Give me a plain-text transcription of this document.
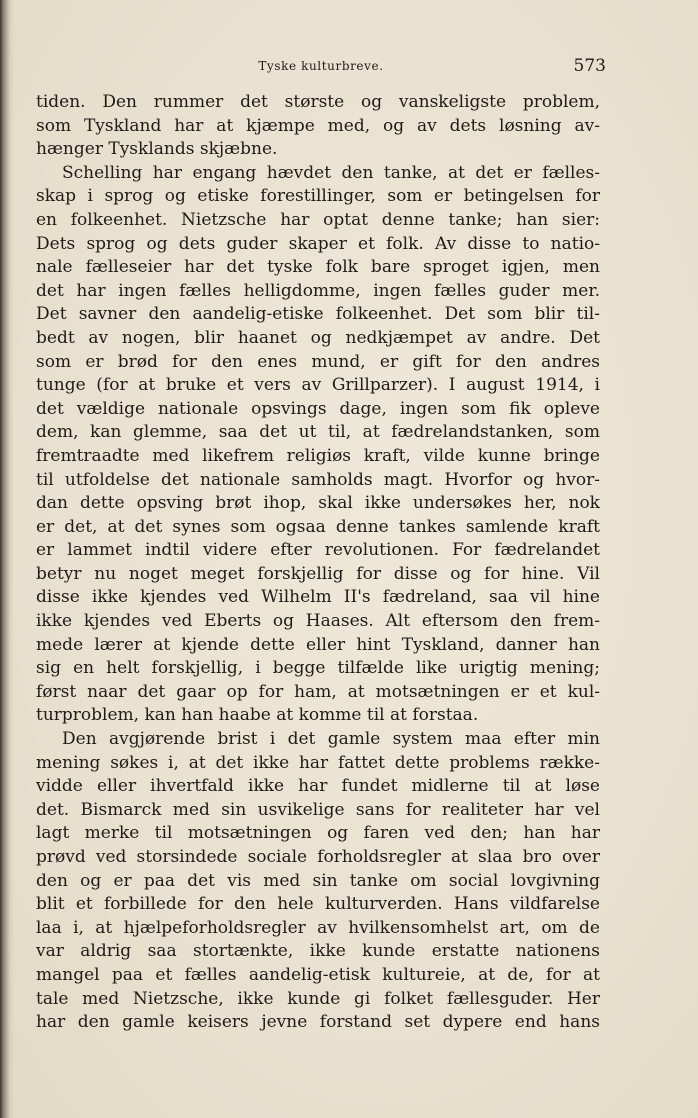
Tyske kulturbreve.	573
tiden. Den rummer det største og vanskeligste problem,
som Tyskland har at kjæmpe med, og av dets løsning av-
hænger Tysklands skjæbne.
Schelling har engang hævdet den tanke, at det er fælles-
skap i sprog og etiske forestillinger, som er betingelsen for
en folkeenhet. Nietzsche har optat denne tanke; han sier:
Dets sprog og dets guder skaper et folk. Av disse to natio-
nale fælleseier har det tyske folk bare sproget igjen, men
det har ingen fælles helligdomme, ingen fælles guder mer.
Det savner den aandelig-etiske folkeenhet. Det som blir til-
bedt av nogen, blir haanet og nedkjæmpet av andre. Det
som er brød for den enes mund, er gift for den andres
tunge (for at bruke et vers av Grillparzer). I august 1914, i
det vældige nationale opsvings dage, ingen som fik opleve
dem, kan glemme, saa det ut til, at fædrelandstanken, som
fremtraadte med likefrem religiøs kraft, vilde kunne bringe
til utfoldelse det nationale samholds magt. Hvorfor og hvor-
dan dette opsving brøt ihop, skal ikke undersøkes her, nok
er det, at det synes som ogsaa denne tankes samlende kraft
er lammet indtil videre efter revolutionen. For fædrelandet
betyr nu noget meget forskjellig for disse og for hine. Vil
disse ikke kjendes ved Wilhelm II's fædreland, saa vil hine
ikke kjendes ved Eberts og Haases. Alt eftersom den frem-
mede lærer at kjende dette eller hint Tyskland, danner han
sig en helt forskjellig, i begge tilfælde like urigtig mening;
først naar det gaar op for ham, at motsætningen er et kul-
turproblem, kan han haabe at komme til at forstaa.
Den avgjørende brist i det gamle system maa efter min
mening søkes i, at det ikke har fattet dette problems række-
vidde eller ihvertfald ikke har fundet midlerne til at løse
det. Bismarck med sin usvikelige sans for realiteter har vel
lagt merke til motsætningen og faren ved den; han har
prøvd ved storsindede sociale forholdsregler at slaa bro over
den og er paa det vis med sin tanke om social lovgivning
blit et forbillede for den hele kulturverden. Hans vildfarelse
laa i, at hjælpeforholdsregler av hvilkensomhelst art, om de
var aldrig saa stortænkte, ikke kunde erstatte nationens
mangel paa et fælles aandelig-etisk kultureie, at de, for at
tale med Nietzsche, ikke kunde gi folket fællesguder. Her
har den gamle keisers jevne forstand set dypere end hans
